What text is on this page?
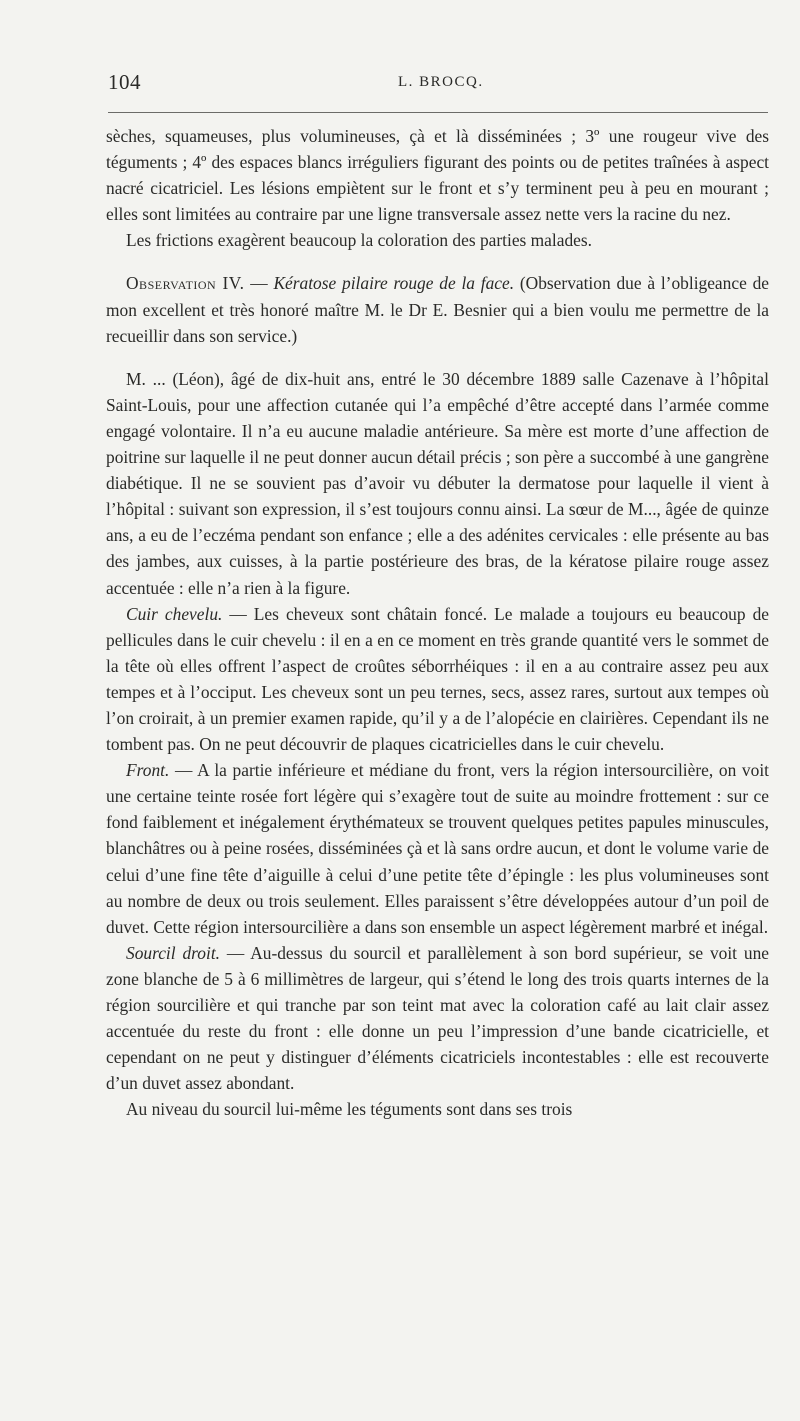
104	L. BROCQ.

sèches, squameuses, plus volumineuses, çà et là disséminées ; 3º une rougeur vive des téguments ; 4º des espaces blancs irréguliers figurant des points ou de petites traînées à aspect nacré cicatriciel. Les lésions empiètent sur le front et s’y terminent peu à peu en mourant ; elles sont limitées au contraire par une ligne transversale assez nette vers la racine du nez.

Les frictions exagèrent beaucoup la coloration des parties malades.

Observation IV. — Kératose pilaire rouge de la face. (Observation due à l’obligeance de mon excellent et très honoré maître M. le Dr E. Besnier qui a bien voulu me permettre de la recueillir dans son service.)

M. ... (Léon), âgé de dix-huit ans, entré le 30 décembre 1889 salle Cazenave à l’hôpital Saint-Louis, pour une affection cutanée qui l’a empêché d’être accepté dans l’armée comme engagé volontaire. Il n’a eu aucune maladie antérieure. Sa mère est morte d’une affection de poitrine sur laquelle il ne peut donner aucun détail précis ; son père a succombé à une gangrène diabétique. Il ne se souvient pas d’avoir vu débuter la dermatose pour laquelle il vient à l’hôpital : suivant son expression, il s’est toujours connu ainsi. La sœur de M..., âgée de quinze ans, a eu de l’eczéma pendant son enfance ; elle a des adénites cervicales : elle présente au bas des jambes, aux cuisses, à la partie postérieure des bras, de la kératose pilaire rouge assez accentuée : elle n’a rien à la figure.

Cuir chevelu. — Les cheveux sont châtain foncé. Le malade a toujours eu beaucoup de pellicules dans le cuir chevelu : il en a en ce moment en très grande quantité vers le sommet de la tête où elles offrent l’aspect de croûtes séborrhéiques : il en a au contraire assez peu aux tempes et à l’occiput. Les cheveux sont un peu ternes, secs, assez rares, surtout aux tempes où l’on croirait, à un premier examen rapide, qu’il y a de l’alopécie en clairières. Cependant ils ne tombent pas. On ne peut découvrir de plaques cicatricielles dans le cuir chevelu.

Front. — A la partie inférieure et médiane du front, vers la région intersourcilière, on voit une certaine teinte rosée fort légère qui s’exagère tout de suite au moindre frottement : sur ce fond faiblement et inégalement érythémateux se trouvent quelques petites papules minuscules, blanchâtres ou à peine rosées, disséminées çà et là sans ordre aucun, et dont le volume varie de celui d’une fine tête d’aiguille à celui d’une petite tête d’épingle : les plus volumineuses sont au nombre de deux ou trois seulement. Elles paraissent s’être développées autour d’un poil de duvet. Cette région intersourcilière a dans son ensemble un aspect légèrement marbré et inégal.

Sourcil droit. — Au-dessus du sourcil et parallèlement à son bord supérieur, se voit une zone blanche de 5 à 6 millimètres de largeur, qui s’étend le long des trois quarts internes de la région sourcilière et qui tranche par son teint mat avec la coloration café au lait clair assez accentuée du reste du front : elle donne un peu l’impression d’une bande cicatricielle, et cependant on ne peut y distinguer d’éléments cicatriciels incontestables : elle est recouverte d’un duvet assez abondant.

Au niveau du sourcil lui-même les téguments sont dans ses trois
